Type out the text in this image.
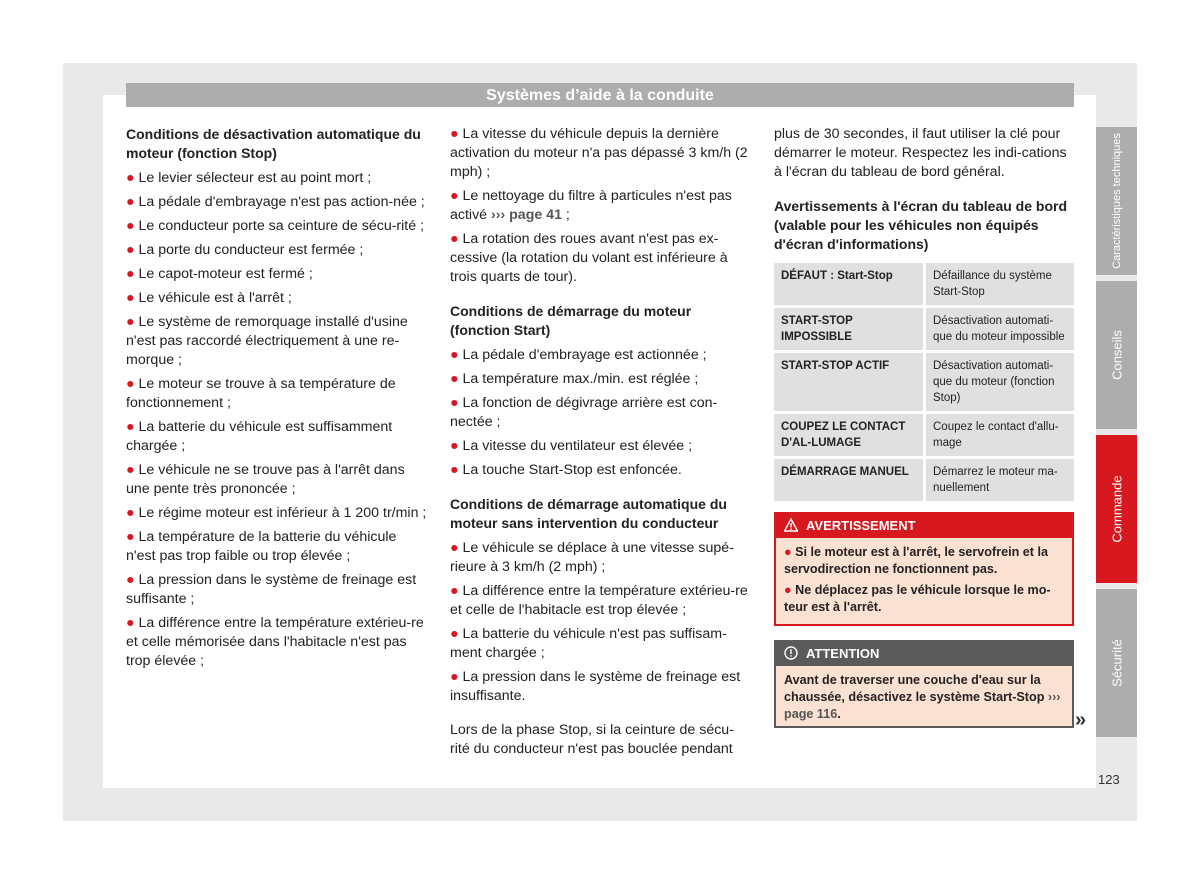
Systèmes d’aide à la conduite
Conditions de désactivation automatique du moteur (fonction Stop)
● Le levier sélecteur est au point mort ;
● La pédale d'embrayage n'est pas action-née ;
● Le conducteur porte sa ceinture de sécu-rité ;
● La porte du conducteur est fermée ;
● Le capot-moteur est fermé ;
● Le véhicule est à l'arrêt ;
● Le système de remorquage installé d'usine n'est pas raccordé électriquement à une re-morque ;
● Le moteur se trouve à sa température de fonctionnement ;
● La batterie du véhicule est suffisamment chargée ;
● Le véhicule ne se trouve pas à l'arrêt dans une pente très prononcée ;
● Le régime moteur est inférieur à 1 200 tr/min ;
● La température de la batterie du véhicule n'est pas trop faible ou trop élevée ;
● La pression dans le système de freinage est suffisante ;
● La différence entre la température extérieu-re et celle mémorisée dans l'habitacle n'est pas trop élevée ;
● La vitesse du véhicule depuis la dernière activation du moteur n'a pas dépassé 3 km/h (2 mph) ;
● Le nettoyage du filtre à particules n'est pas activé ››› page 41 ;
● La rotation des roues avant n'est pas ex-cessive (la rotation du volant est inférieure à trois quarts de tour).
Conditions de démarrage du moteur (fonction Start)
● La pédale d'embrayage est actionnée ;
● La température max./min. est réglée ;
● La fonction de dégivrage arrière est con-nectée ;
● La vitesse du ventilateur est élevée ;
● La touche Start-Stop est enfoncée.
Conditions de démarrage automatique du moteur sans intervention du conducteur
● Le véhicule se déplace à une vitesse supé-rieure à 3 km/h (2 mph) ;
● La différence entre la température extérieu-re et celle de l'habitacle est trop élevée ;
● La batterie du véhicule n'est pas suffisam-ment chargée ;
● La pression dans le système de freinage est insuffisante.

Lors de la phase Stop, si la ceinture de sécu-rité du conducteur n'est pas bouclée pendant

plus de 30 secondes, il faut utiliser la clé pour démarrer le moteur. Respectez les indi-cations à l'écran du tableau de bord général.

Avertissements à l'écran du tableau de bord (valable pour les véhicules non équipés d'écran d'informations)
DÉFAUT : Start-Stop	Défaillance du système Start-Stop
START-STOP IMPOSSIBLE	Désactivation automati-que du moteur impossible
START-STOP ACTIF	Désactivation automati-que du moteur (fonction Stop)
COUPEZ LE CONTACT D'AL-LUMAGE	Coupez le contact d'allu-mage
DÉMARRAGE MANUEL	Démarrez le moteur ma-nuellement
AVERTISSEMENT
● Si le moteur est à l'arrêt, le servofrein et la servodirection ne fonctionnent pas.
● Ne déplacez pas le véhicule lorsque le mo-teur est à l'arrêt.
ATTENTION
Avant de traverser une couche d'eau sur la chaussée, désactivez le système Start-Stop ››› page 116.	»
Caractéristiques techniques
Conseils
Commande
Sécurité
123
